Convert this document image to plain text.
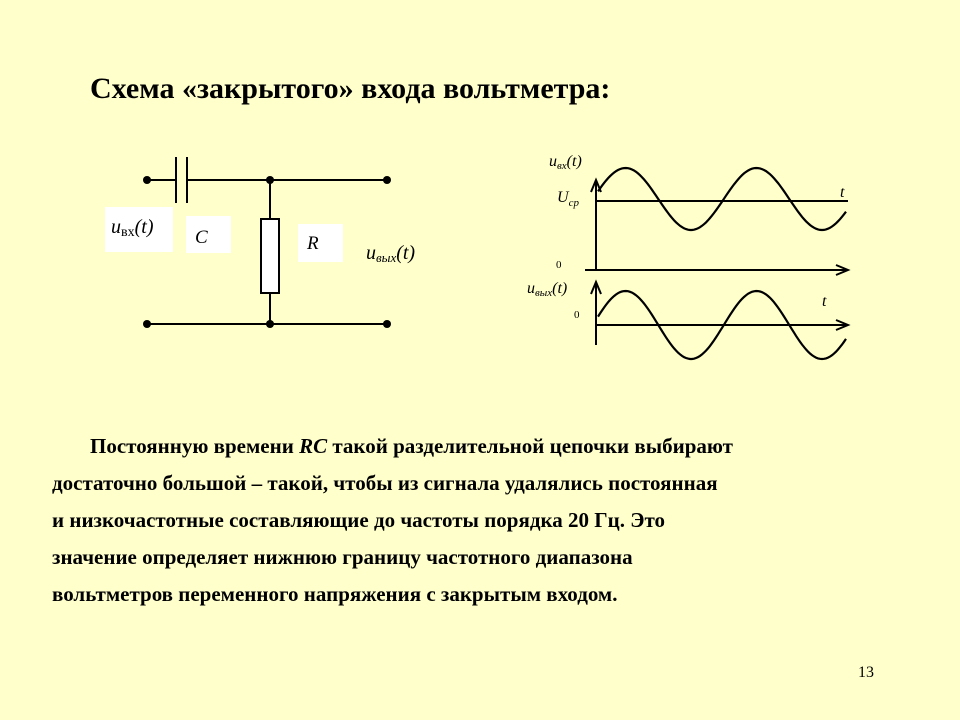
Схема «закрытого» входа вольтметра:
uвх(t) C	R uвых(t)
uвх(t)
$U_{ср}$
0
t
uвых(t)
0
t
Постоянную времени RC такой разделительной цепочки выбирают
достаточно большой – такой, чтобы из сигнала удалялись постоянная
и низкочастотные составляющие до частоты порядка 20 Гц. Это
значение определяет нижнюю границу частотного диапазона
вольтметров переменного напряжения с закрытым входом.
13
